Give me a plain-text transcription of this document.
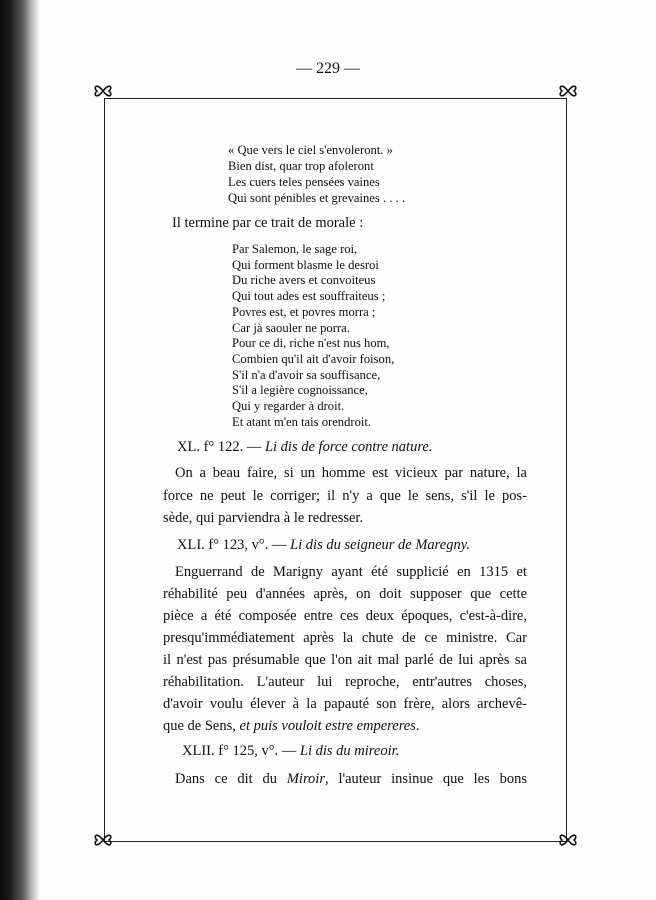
— 229 —
« Que vers le ciel s'envoleront. »
Bien dist, quar trop afoleront
Les cuers teles pensées vaines
Qui sont pénibles et grevaines . . . .
Il termine par ce trait de morale :
Par Salemon, le sage roi,
Qui forment blasme le desroi
Du riche avers et convoiteus
Qui tout ades est souffraiteus ;
Povres est, et povres morra ;
Car jà saouler ne porra.
Pour ce di, riche n'est nus hom,
Combien qu'il ait d'avoir foison,
S'il n'a d'avoir sa souffisance,
S'il a legière cognoissance,
Qui y regarder à droit.
Et atant m'en tais orendroit.
XL. f° 122. — Li dis de force contre nature.
On a beau faire, si un homme est vicieux par nature, la
force ne peut le corriger; il n'y a que le sens, s'il le pos-
sède, qui parviendra à le redresser.
XLI. f° 123, v°. — Li dis du seigneur de Maregny.
Enguerrand de Marigny ayant été supplicié en 1315 et
réhabilité peu d'années après, on doit supposer que cette
pièce a été composée entre ces deux époques, c'est-à-dire,
presqu'immédiatement après la chute de ce ministre. Car
il n'est pas présumable que l'on ait mal parlé de lui après sa
réhabilitation. L'auteur lui reproche, entr'autres choses,
d'avoir voulu élever à la papauté son frère, alors archevê-
que de Sens, et puis vouloit estre empereres.
XLII. f° 125, v°. — Li dis du mireoir.
Dans ce dit du Miroir, l'auteur insinue que les bons
